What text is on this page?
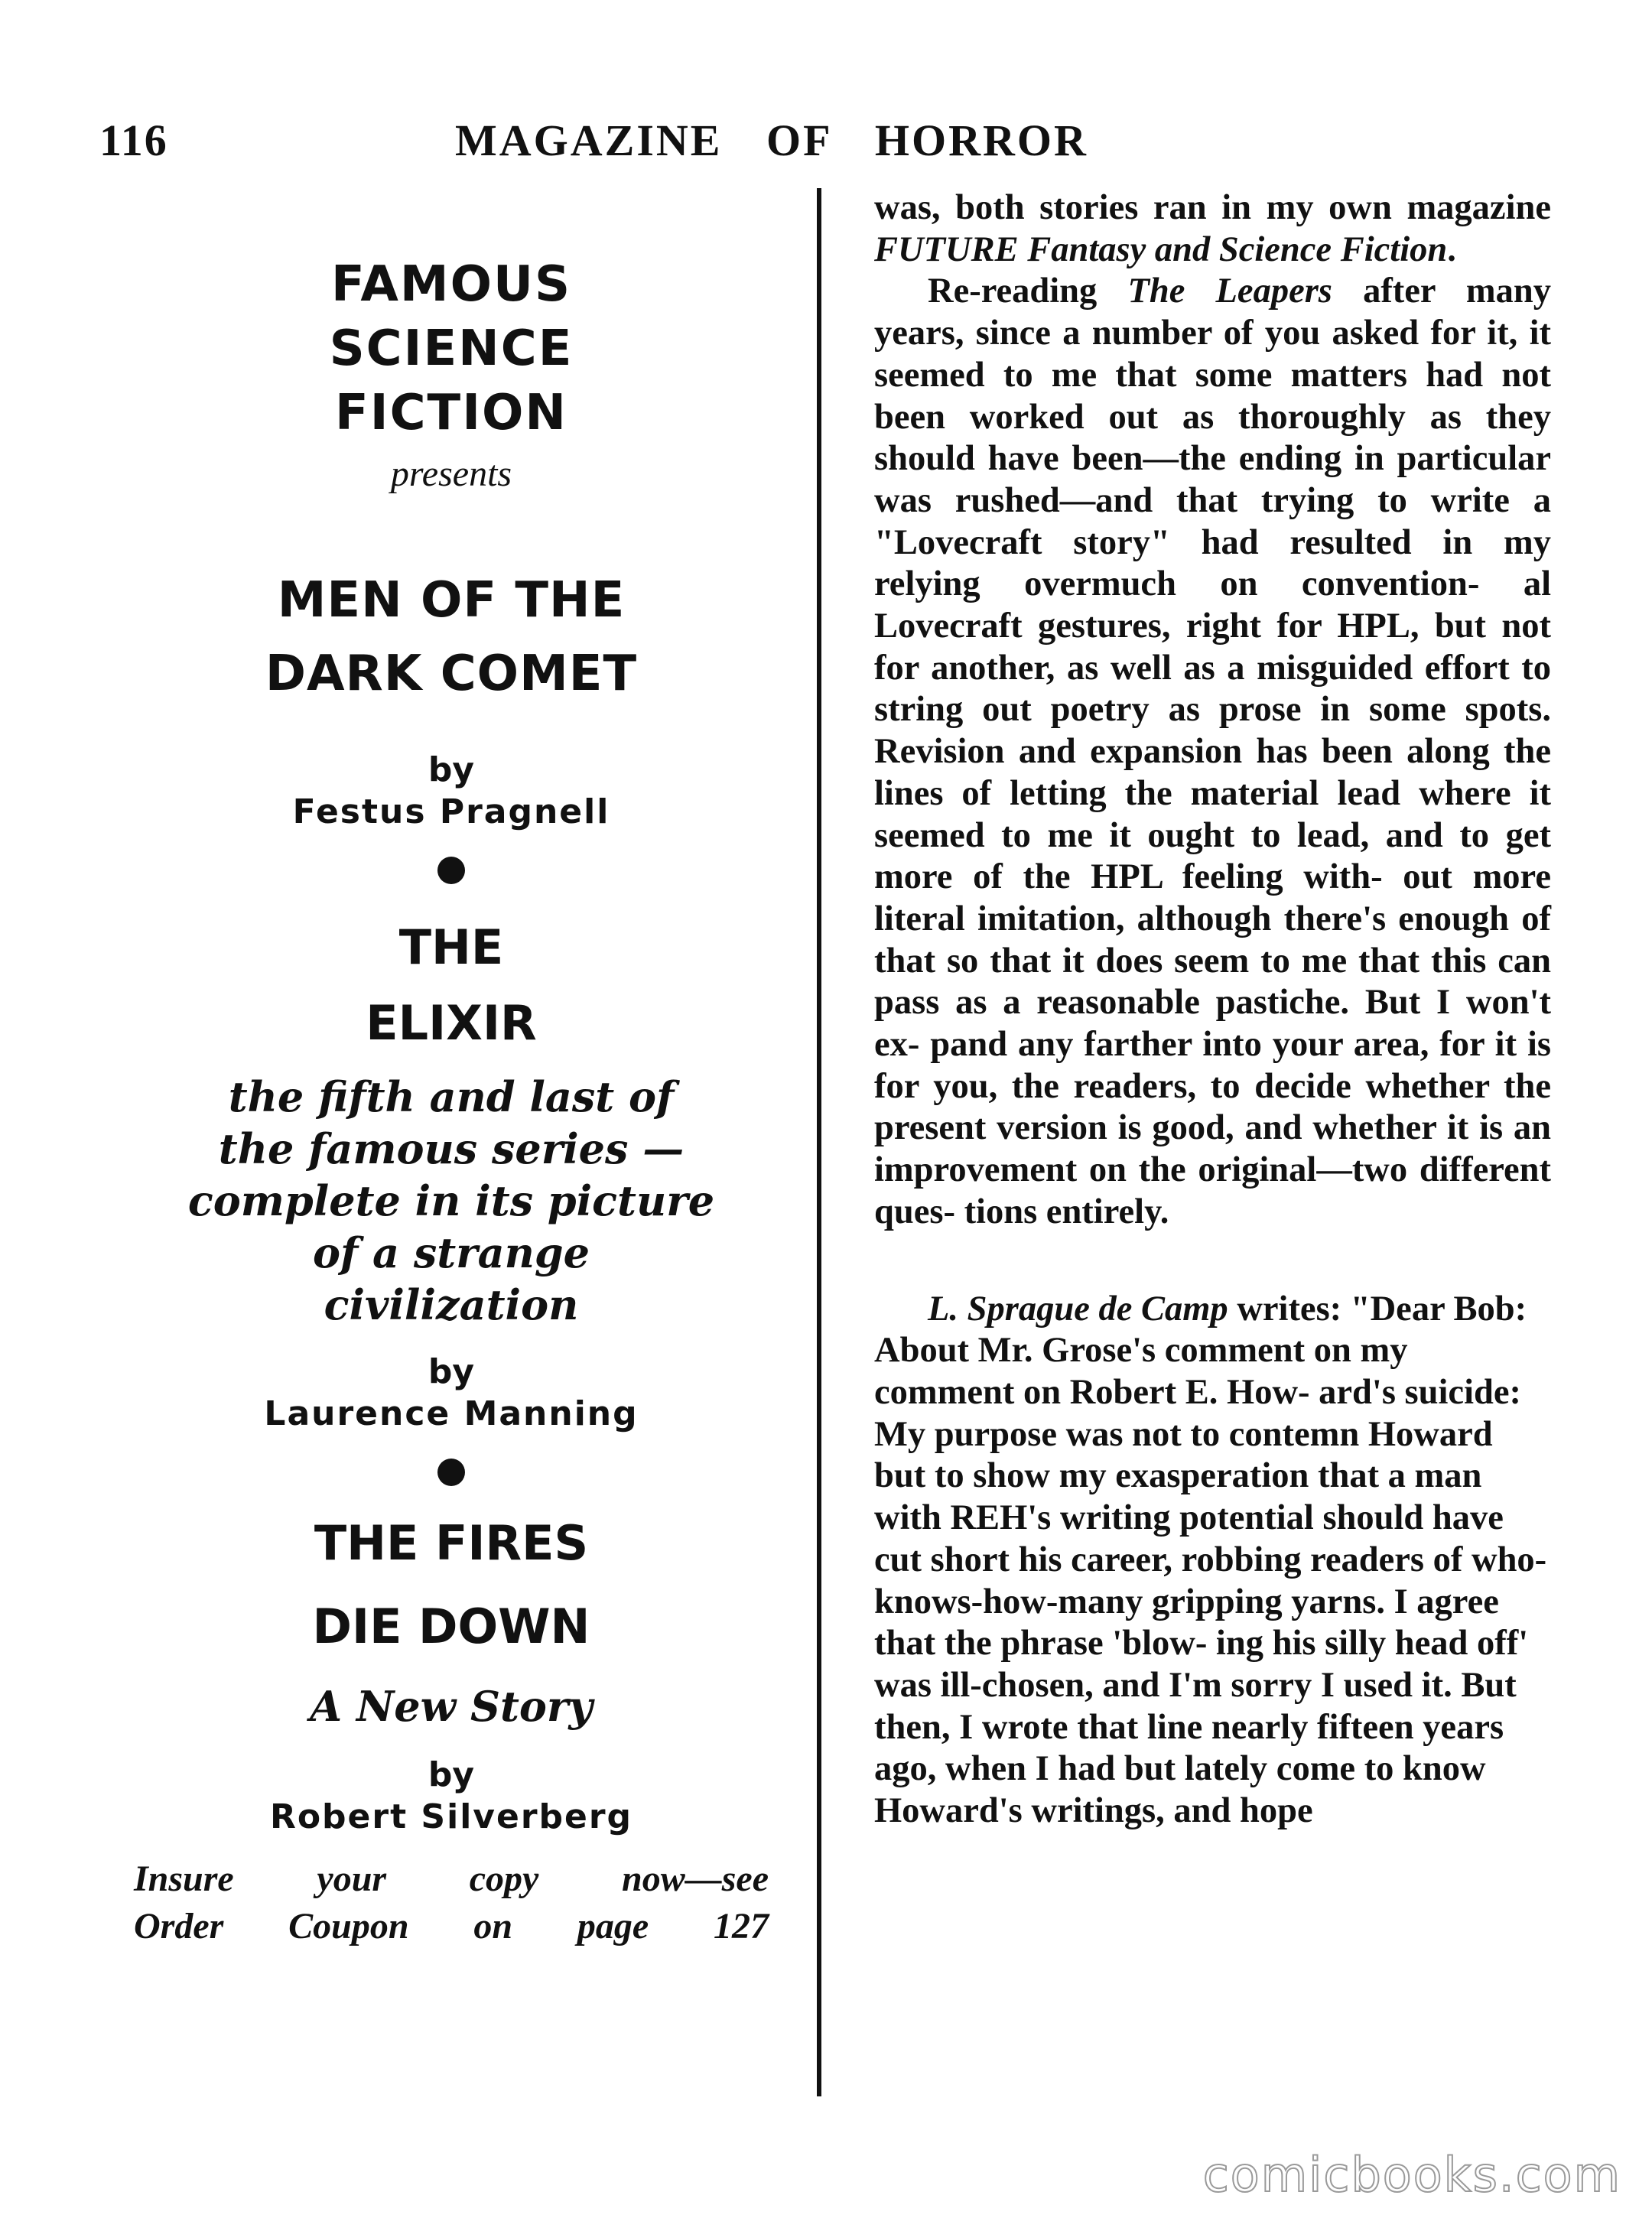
116	MAGAZINE OF HORROR
FAMOUS
SCIENCE
FICTION
presents
MEN OF THE
DARK COMET
by
Festus Pragnell
THE
ELIXIR
the fifth and last of
the famous series —
complete in its picture
of a strange
civilization
by
Laurence Manning
THE FIRES
DIE DOWN
A New Story
by
Robert Silverberg
Insure your copy now—see
Order Coupon on page 127

was, both stories ran in my own magazine FUTURE Fantasy and Science Fiction.

Re-reading The Leapers after many years, since a number of you asked for it, it seemed to me that some matters had not been worked out as thoroughly as they should have been—the ending in particular was rushed—and that trying to write a "Lovecraft story" had resulted in my relying overmuch on convention- al Lovecraft gestures, right for HPL, but not for another, as well as a misguided effort to string out poetry as prose in some spots. Revision and expansion has been along the lines of letting the material lead where it seemed to me it ought to lead, and to get more of the HPL feeling with- out more literal imitation, although there's enough of that so that it does seem to me that this can pass as a reasonable pastiche. But I won't ex- pand any farther into your area, for it is for you, the readers, to decide whether the present version is good, and whether it is an improvement on the original—two different ques- tions entirely.

L. Sprague de Camp writes: "Dear Bob: About Mr. Grose's comment on my comment on Robert E. How- ard's suicide: My purpose was not to contemn Howard but to show my exasperation that a man with REH's writing potential should have cut short his career, robbing readers of who-knows-how-many gripping yarns. I agree that the phrase 'blow- ing his silly head off' was ill-chosen, and I'm sorry I used it. But then, I wrote that line nearly fifteen years ago, when I had but lately come to know Howard's writings, and hope

comicbooks.com
